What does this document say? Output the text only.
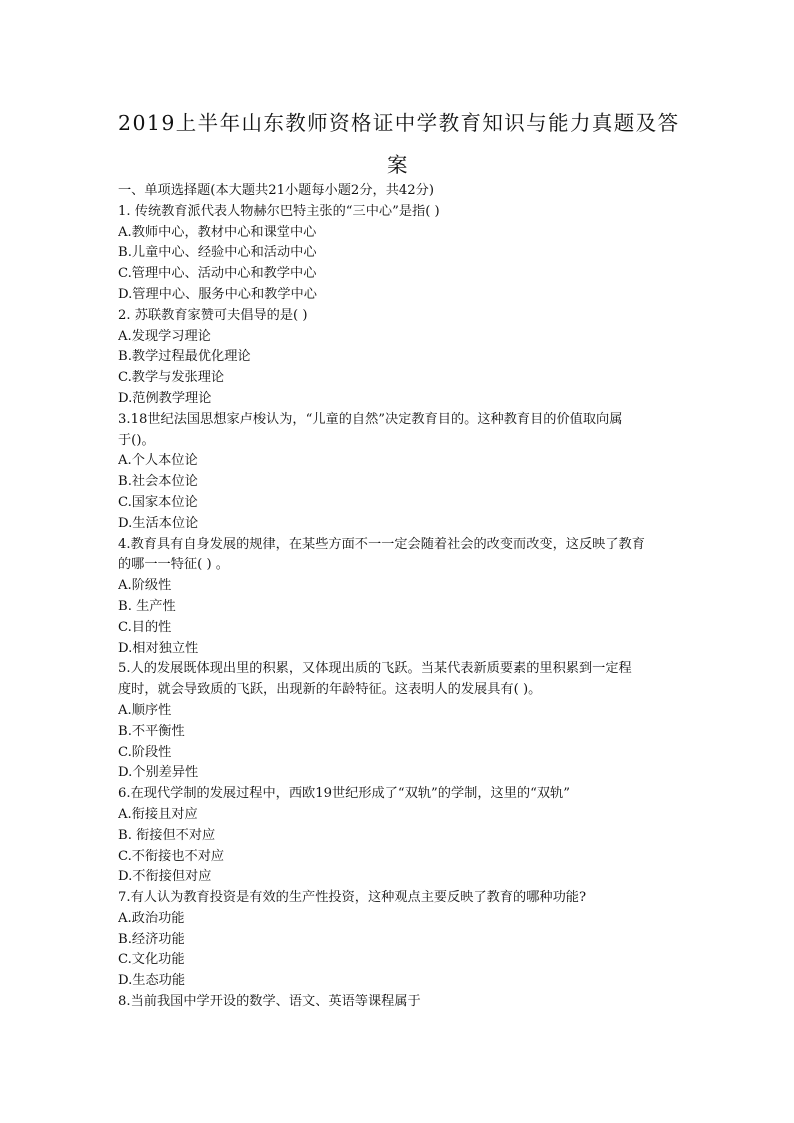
2019上半年山东教师资格证中学教育知识与能力真题及答
案
一、单项选择题(本大题共21小题每小题2分，共42分)
1. 传统教育派代表人物赫尔巴特主张的“三中心”是指( )
A.教师中心，教材中心和课堂中心
B.儿童中心、经验中心和活动中心
C.管理中心、活动中心和教学中心
D.管理中心、服务中心和教学中心
2. 苏联教育家赞可夫倡导的是( )
A.发现学习理论
B.教学过程最优化理论
C.教学与发张理论
D.范例教学理论
3.18世纪法国思想家卢梭认为，“儿童的自然”决定教育目的。这种教育目的价值取向属
于()。
A.个人本位论
B.社会本位论
C.国家本位论
D.生活本位论
4.教育具有自身发展的规律，在某些方面不一一定会随着社会的改变而改变，这反映了教育
的哪一一特征( ) 。
A.阶级性
B. 生产性
C.目的性
D.相对独立性
5.人的发展既体现出里的积累，又体现出质的飞跃。当某代表新质要素的里积累到一定程
度时，就会导致质的飞跃，出现新的年龄特征。这表明人的发展具有( )。
A.顺序性
B.不平衡性
C.阶段性
D.个别差异性
6.在现代学制的发展过程中，西欧19世纪形成了“双轨”的学制，这里的“双轨”
A.衔接且对应
B. 衔接但不对应
C.不衔接也不对应
D.不衔接但对应
7.有人认为教育投资是有效的生产性投资，这种观点主要反映了教育的哪种功能?
A.政治功能
B.经济功能
C.文化功能
D.生态功能
8.当前我国中学开设的数学、语文、英语等课程属于
